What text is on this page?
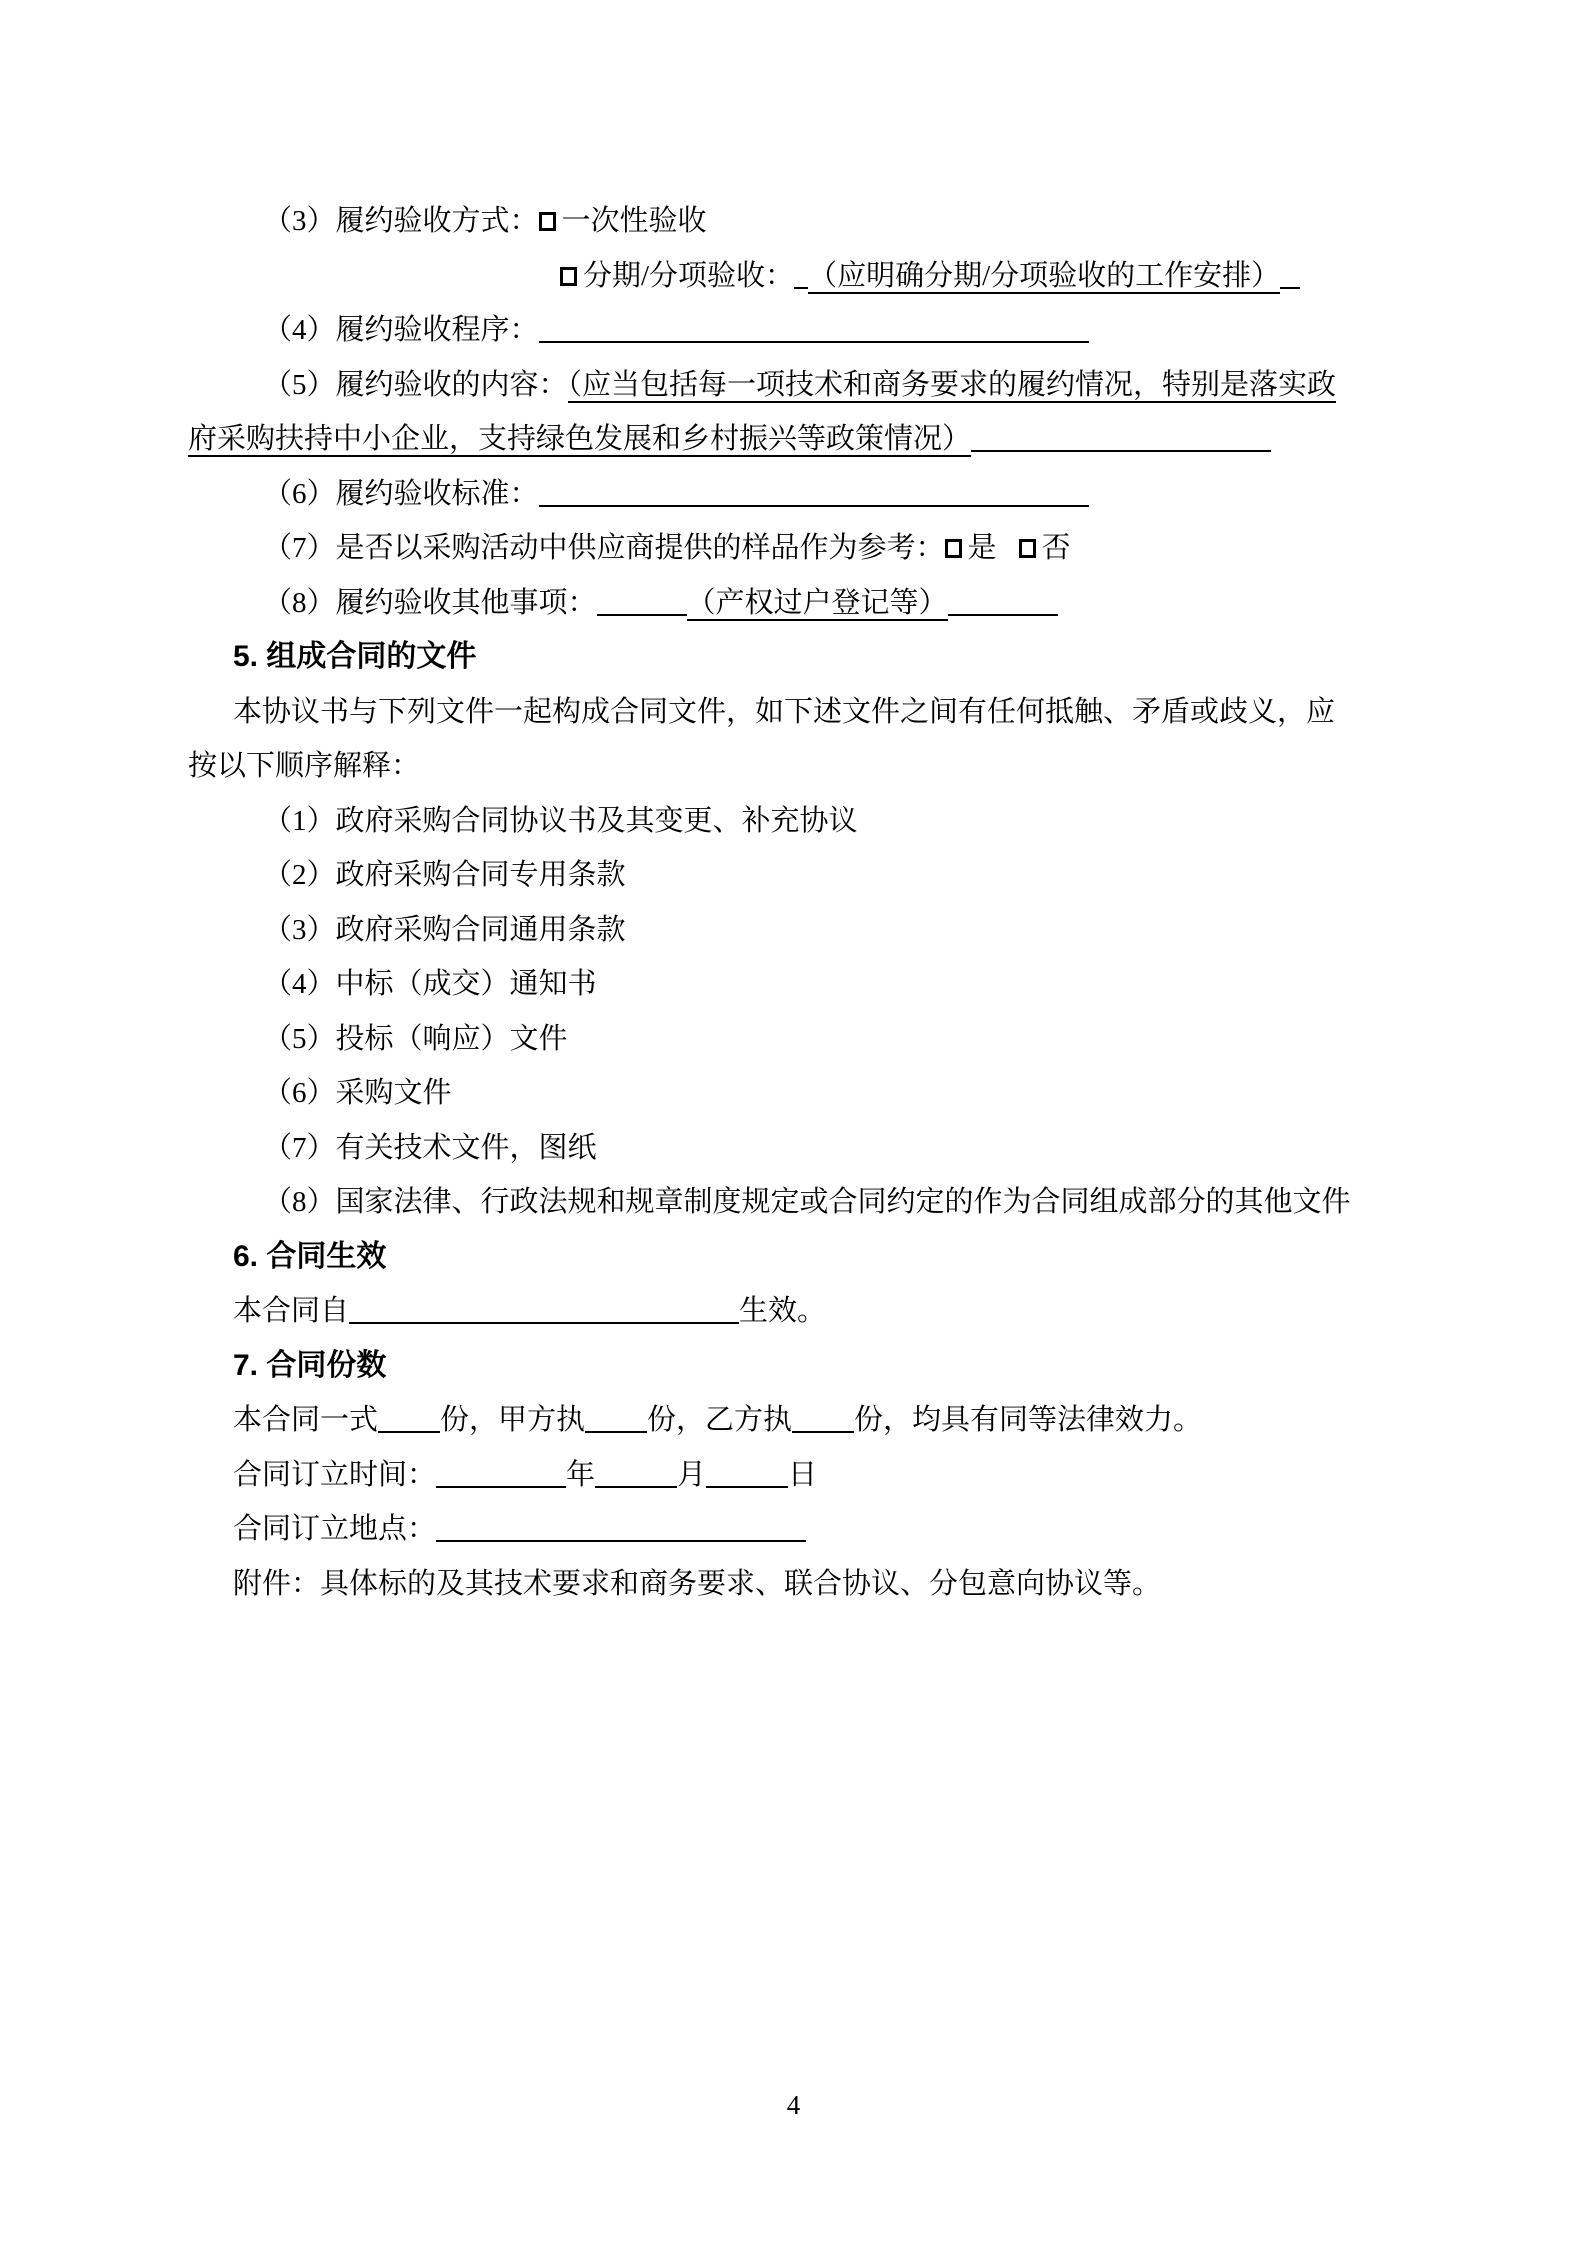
（3）履约验收方式： 一次性验收
分期/分项验收： （应明确分期/分项验收的工作安排）
（4）履约验收程序：
（5）履约验收的内容：（应当包括每一项技术和商务要求的履约情况，特别是落实政
府采购扶持中小企业，支持绿色发展和乡村振兴等政策情况）
（6）履约验收标准：
（7）是否以采购活动中供应商提供的样品作为参考： 是 否
（8）履约验收其他事项：	（产权过户登记等）
5. 组成合同的文件
本协议书与下列文件一起构成合同文件，如下述文件之间有任何抵触、矛盾或歧义，应
按以下顺序解释：
（1）政府采购合同协议书及其变更、补充协议
（2）政府采购合同专用条款
（3）政府采购合同通用条款
（4）中标（成交）通知书
（5）投标（响应）文件
（6）采购文件
（7）有关技术文件，图纸
（8）国家法律、行政法规和规章制度规定或合同约定的作为合同组成部分的其他文件
6. 合同生效
本合同自	生效。
7. 合同份数
本合同一式 份，甲方执 份，乙方执 份，均具有同等法律效力。
合同订立时间：	年	月	日
合同订立地点：
附件：具体标的及其技术要求和商务要求、联合协议、分包意向协议等。
4
